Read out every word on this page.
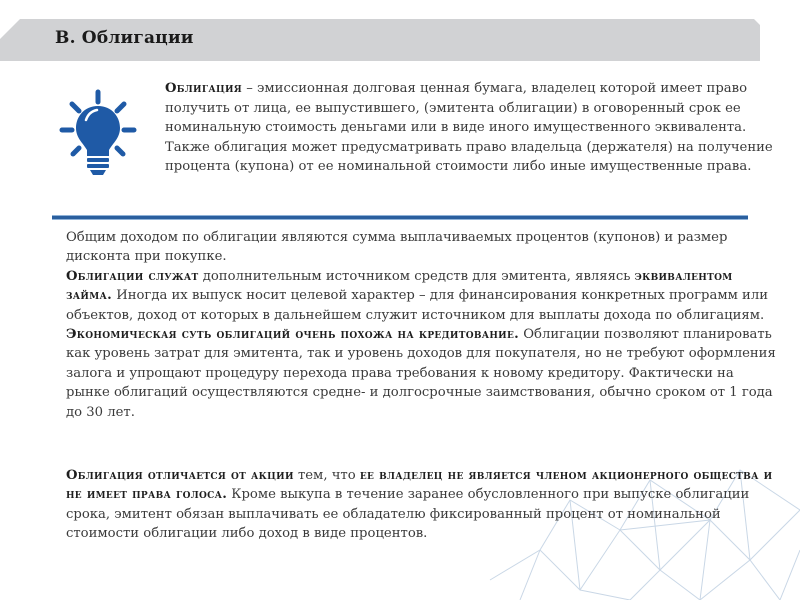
В. Облигации
Облигация – эмиссионная долговая ценная бумага, владелец которой имеет право получить от лица, ее выпустившего, (эмитента облигации) в оговоренный срок ее номинальную стоимость деньгами или в виде иного имущественного эквивалента. Также облигация может предусматривать право владельца (держателя) на получение процента (купона) от ее номинальной стоимости либо иные имущественные права.

Общим доходом по облигации являются сумма выплачиваемых процентов (купонов) и размер дисконта при покупке.

Облигации служат дополнительным источником средств для эмитента, являясь эквивалентом займа. Иногда их выпуск носит целевой характер – для финансирования конкретных программ или объектов, доход от которых в дальнейшем служит источником для выплаты дохода по облигациям.

Экономическая суть облигаций очень похожа на кредитование. Облигации позволяют планировать как уровень затрат для эмитента, так и уровень доходов для покупателя, но не требуют оформления залога и упрощают процедуру перехода права требования к новому кредитору. Фактически на рынке облигаций осуществляются средне- и долгосрочные заимствования, обычно сроком от 1 года до 30 лет.

Облигация отличается от акции тем, что ее владелец не является членом акционерного общества и не имеет права голоса. Кроме выкупа в течение заранее обусловленного при выпуске облигации срока, эмитент обязан выплачивать ее обладателю фиксированный процент от номинальной стоимости облигации либо доход в виде процентов.
